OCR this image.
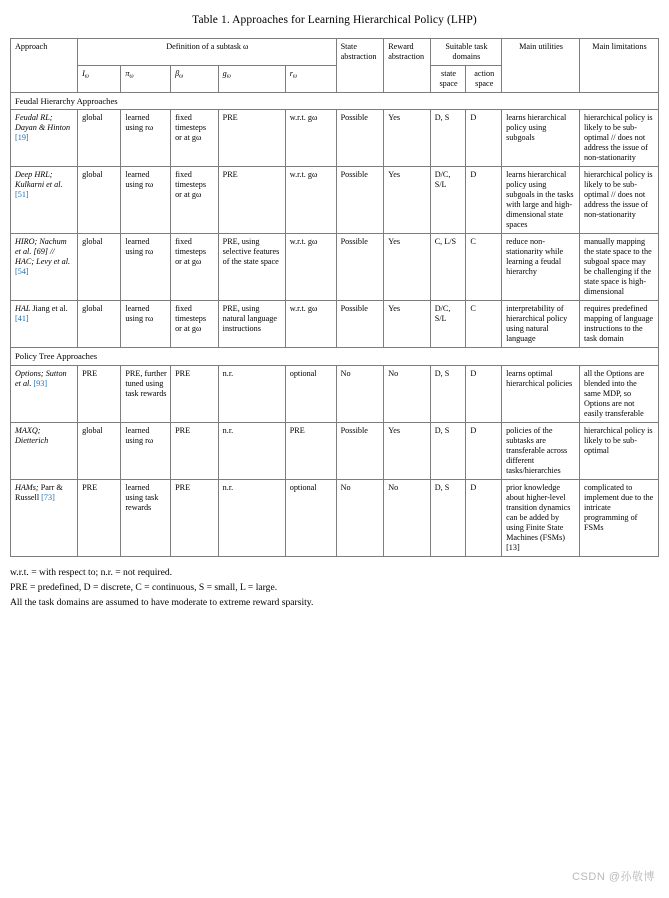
Table 1. Approaches for Learning Hierarchical Policy (LHP)
Approach	Definition of a subtask ω					State abstraction	Reward abstraction	Suitable task domains		Main utilities	Main limitations
	$I_\omega$	$\pi_\omega$	$\beta_\omega$	$g_\omega$	$r_\omega$			state space	action space		
Feudal Hierarchy Approaches											
Feudal RL; Dayan & Hinton [19]	global	learned using rω	fixed timesteps or at gω	PRE	w.r.t. gω	Possible	Yes	D, S	D	learns hierarchical policy using subgoals	hierarchical policy is likely to be sub-optimal // does not address the issue of non-stationarity
Deep HRL; Kulkarni et al. [51]	global	learned using rω	fixed timesteps or at gω	PRE	w.r.t. gω	Possible	Yes	D/C, S/L	D	learns hierarchical policy using subgoals in the tasks with large and high-dimensional state spaces	hierarchical policy is likely to be sub-optimal // does not address the issue of non-stationarity
HIRO; Nachum et al. [69] // HAC; Levy et al. [54]	global	learned using rω	fixed timesteps or at gω	PRE, using selective features of the state space	w.r.t. gω	Possible	Yes	C, L/S	C	reduce non-stationarity while learning a feudal hierarchy	manually mapping the state space to the subgoal space may be challenging if the state space is high-dimensional
HAL Jiang et al. [41]	global	learned using rω	fixed timesteps or at gω	PRE, using natural language instructions	w.r.t. gω	Possible	Yes	D/C, S/L	C	interpretability of hierarchical policy using natural language	requires predefined mapping of language instructions to the task domain
Policy Tree Approaches											
Options; Sutton et al. [93]	PRE	PRE, further tuned using task rewards	PRE	n.r.	optional	No	No	D, S	D	learns optimal hierarchical policies	all the Options are blended into the same MDP, so Options are not easily transferable
MAXQ; Dietterich	global	learned using rω	PRE	n.r.	PRE	Possible	Yes	D, S	D	policies of the subtasks are transferable across different tasks/hierarchies	hierarchical policy is likely to be sub-optimal
HAMs; Parr & Russell [73]	PRE	learned using task rewards	PRE	n.r.	optional	No	No	D, S	D	prior knowledge about higher-level transition dynamics can be added by using Finite State Machines (FSMs) [13]	complicated to implement due to the intricate programming of FSMs
w.r.t. = with respect to; n.r. = not required.
PRE = predefined, D = discrete, C = continuous, S = small, L = large.
All the task domains are assumed to have moderate to extreme reward sparsity.
CSDN @孙敬博
